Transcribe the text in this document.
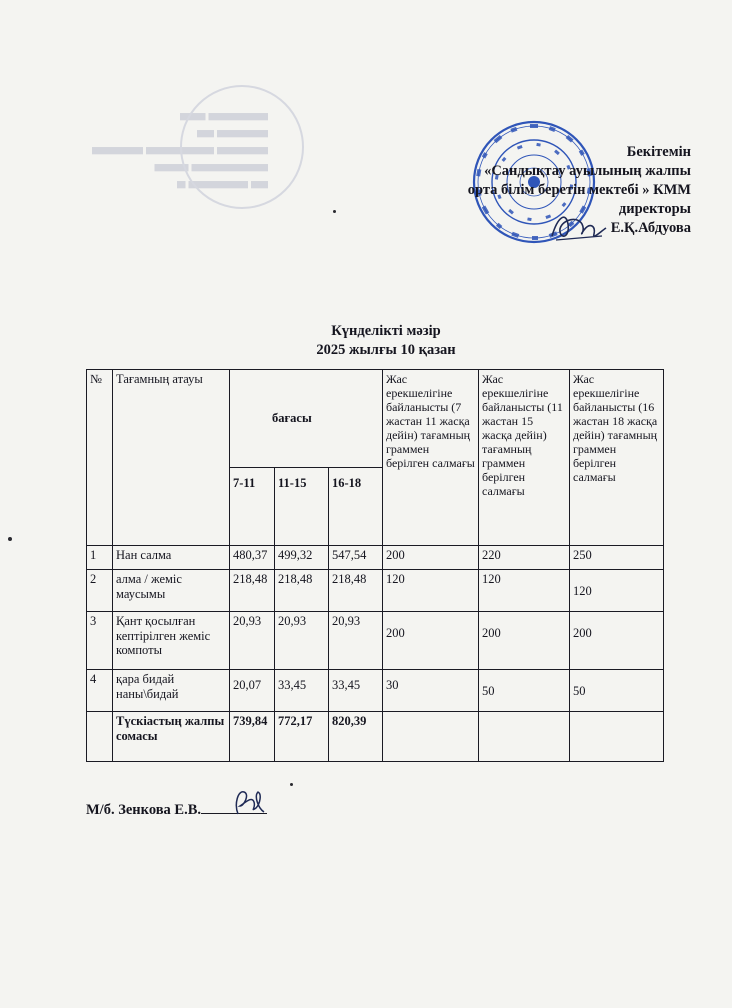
▀▀▀▀▀▀▀ ▀▀▀
▀▀▀▀▀▀ ▀▀
▀▀▀▀▀▀ ▀▀▀▀▀▀▀▀ ▀▀▀▀▀▀
▀▀▀▀▀▀▀▀▀ ▀▀▀▀
▀▀ ▀▀▀▀▀▀▀ ▀
Бекітемін
«Сандықтау ауылының жалпы
орта білім беретін мектебі » КММ
директоры
Е.Қ.Абдуова
Күнделікті мәзір
2025 жылғы 10 қазан
№	Тағамның атауы	бағасы			Жас ерекшелігіне байланысты (7 жастан 11 жасқа дейін) тағамның граммен берілген салмағы	Жас ерекшелігіне байланысты (11 жастан 15 жасқа дейін) тағамның граммен берілген салмағы	Жас ерекшелігіне байланысты (16 жастан 18 жасқа дейін) тағамның граммен берілген салмағы
		7-11	11-15	16-18			
1	Нан салма	480,37	499,32	547,54	200	220	250
2	алма / жеміс маусымы	218,48	218,48	218,48	120	120	120
3	Қант қосылған кептірілген жеміс компоты	20,93	20,93	20,93	200	200	200
4	қара бидай наны\бидай	20,07	33,45	33,45	30	50	50
	Түскіастың жалпы сомасы	739,84	772,17	820,39			
М/б. Зенкова Е.В.
